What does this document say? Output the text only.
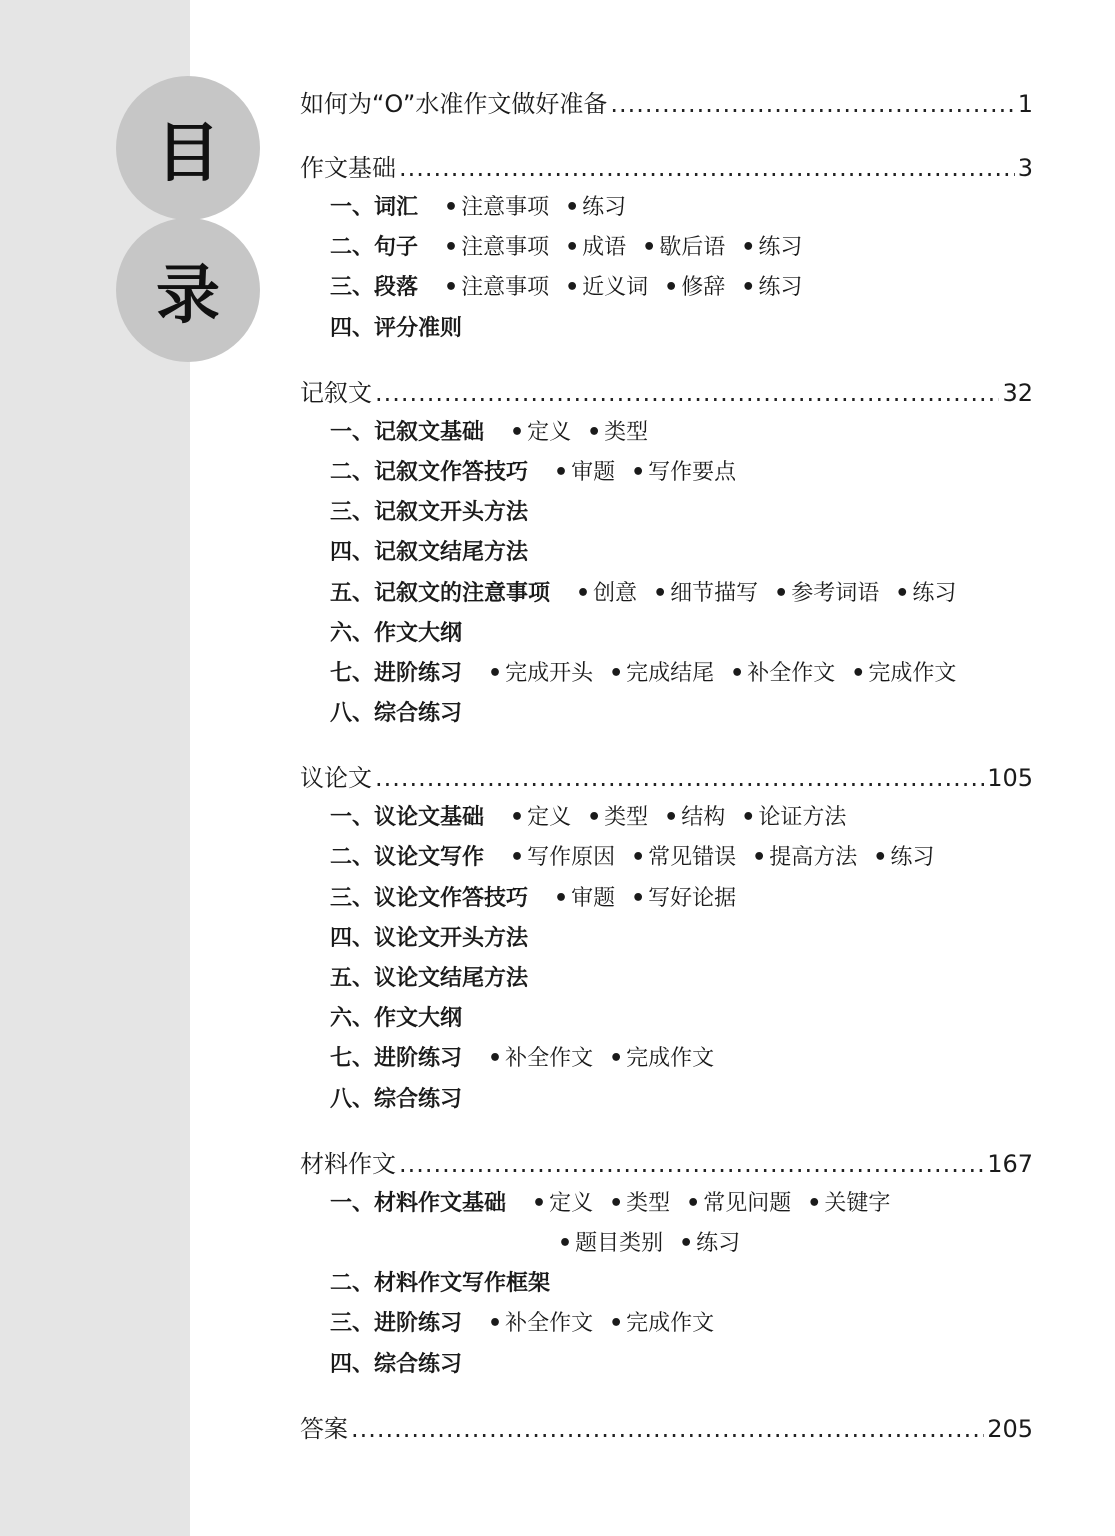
目
录
如何为“O”水准作文做好准备 .....	1
作文基础 .....	3
一、词汇 • 注意事项 • 练习
二、句子 • 注意事项 • 成语 • 歇后语 • 练习
三、段落 • 注意事项 • 近义词 • 修辞 • 练习
四、评分准则
记叙文 .....	32
一、记叙文基础 • 定义 • 类型
二、记叙文作答技巧 • 审题 • 写作要点
三、记叙文开头方法
四、记叙文结尾方法
五、记叙文的注意事项 • 创意 • 细节描写 • 参考词语 • 练习
六、作文大纲
七、进阶练习 • 完成开头 • 完成结尾 • 补全作文 • 完成作文
八、综合练习
议论文 .....	105
一、议论文基础 • 定义 • 类型 • 结构 • 论证方法
二、议论文写作 • 写作原因 • 常见错误 • 提高方法 • 练习
三、议论文作答技巧 • 审题 • 写好论据
四、议论文开头方法
五、议论文结尾方法
六、作文大纲
七、进阶练习 • 补全作文 • 完成作文
八、综合练习
材料作文 .....	167
一、材料作文基础 • 定义 • 类型 • 常见问题 • 关键字
• 题目类别 • 练习
二、材料作文写作框架
三、进阶练习 • 补全作文 • 完成作文
四、综合练习
答案 .....	205
